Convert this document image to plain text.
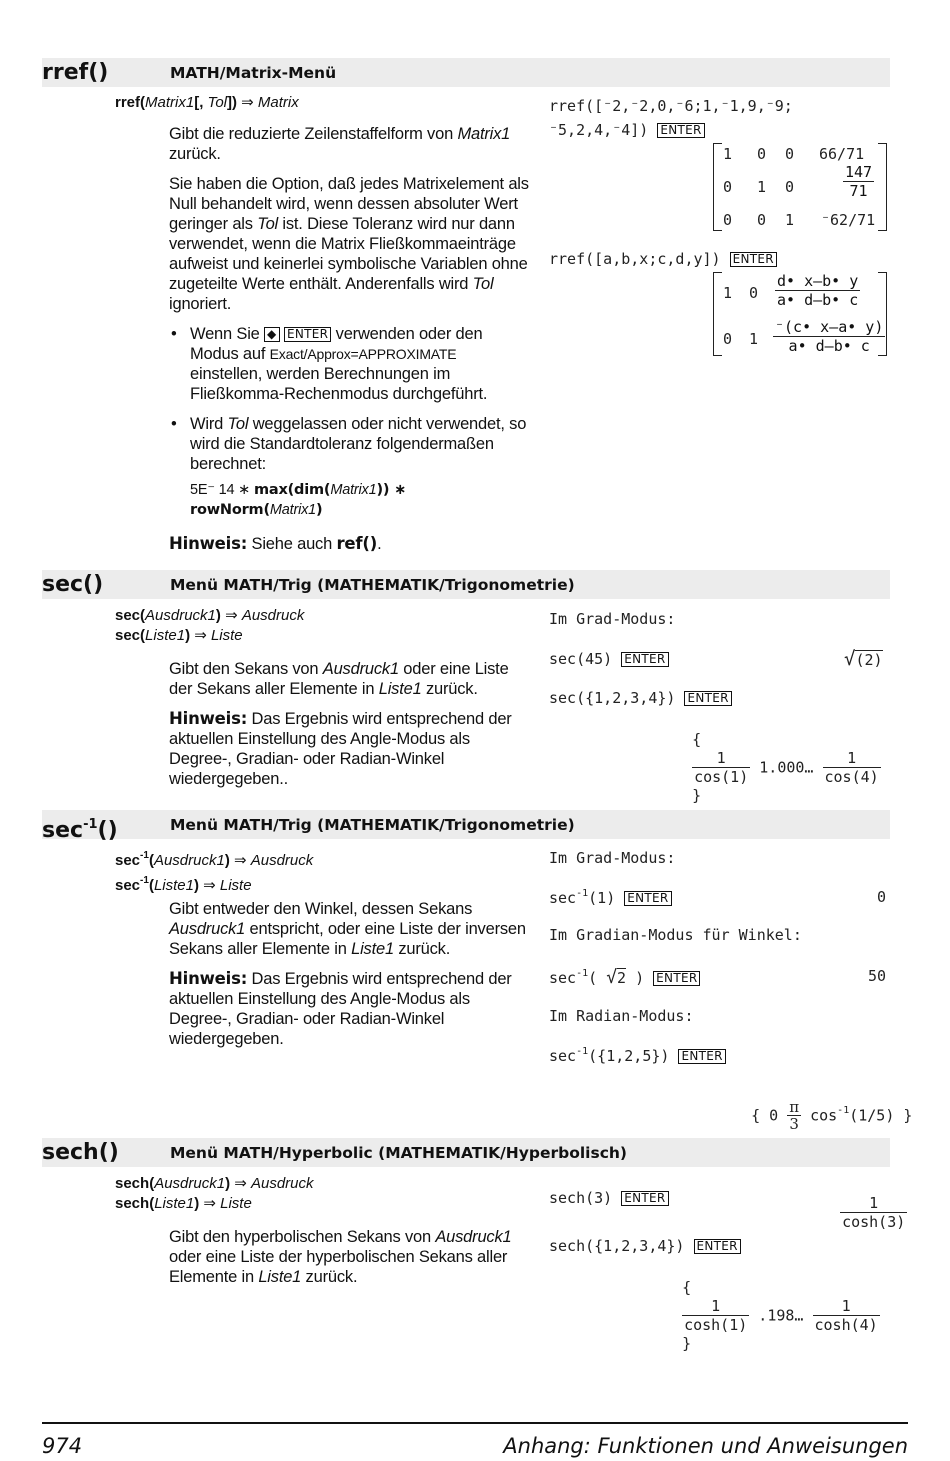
rref()	MATH/Matrix-Menü
rref(Matrix1[, Tol]) ⇒ Matrix

Gibt die reduzierte Zeilenstaffelform von Matrix1 zurück.

Sie haben die Option, daß jedes Matrixelement als Null behandelt wird, wenn dessen absoluter Wert geringer als Tol ist. Diese Toleranz wird nur dann verwendet, wenn die Matrix Fließkommaeinträge aufweist und keinerlei symbolische Variablen ohne zugeteilte Werte enthält. Anderenfalls wird Tol ignoriert.

• Wenn Sie ◆ ENTER verwenden oder den Modus auf Exact/Approx=APPROXIMATE einstellen, werden Berechnungen im Fließkomma-Rechenmodus durchgeführt.
• Wird Tol weggelassen oder nicht verwendet, so wird die Standardtoleranz folgendermaßen berechnet:
5E⁻ 14 ∗ max(dim(Matrix1)) ∗
rowNorm(Matrix1)

Hinweis: Siehe auch ref().

rref([⁻2,⁻2,0,⁻6;1,⁻1,9,⁻9;
⁻5,2,4,⁻4]) ENTER
1 0 0 66/71
0 1 0	$\frac{147}{71}$
0 0 1 ⁻62/71
rref([a,b,x;c,d,y]) ENTER
1 $0 \frac{d• x-b• y}{a• d-b• c}$
0 $1 \frac{^-(c• x-a• y)}{a• d-b• c}$
sec()	Menü MATH/Trig (MATHEMATIK/Trigonometrie)
sec(Ausdruck1) ⇒ Ausdruck
sec(Liste1) ⇒ Liste

Gibt den Sekans von Ausdruck1 oder eine Liste der Sekans aller Elemente in Liste1 zurück.

Hinweis: Das Ergebnis wird entsprechend der aktuellen Einstellung des Angle-Modus als Degree-, Gradian- oder Radian-Winkel wiedergegeben..

Im Grad-Modus:
sec(45) ENTER	√(2)
sec({1,2,3,4}) ENTER

{

$\frac{1}{\cos(1)}$ 1.000… $\frac{1}{\cos(4)}$

}

$\sec^{-1}()$	Menü MATH/Trig (MATHEMATIK/Trigonometrie)
$\sec^{-1}(Ausdruck1)$ ⇒ Ausdruck
$\sec^{-1}(Liste1)$ ⇒ Liste

Gibt entweder den Winkel, dessen Sekans Ausdruck1 entspricht, oder eine Liste der inversen Sekans aller Elemente in Liste1 zurück.

Hinweis: Das Ergebnis wird entsprechend der aktuellen Einstellung des Angle-Modus als Degree-, Gradian- oder Radian-Winkel wiedergegeben.

Im Grad-Modus:
$\sec^{-1}(1)$ ENTER	0
Im Gradian-Modus für Winkel:
$\sec^{-1}$( √2 ) ENTER	50
Im Radian-Modus:
$\sec^{-1}(\{1,2,5\})$ ENTER

{ $0 \frac{\pi}{3} \cos^{-1}(1/5)$ }

sech()	Menü MATH/Hyperbolic (MATHEMATIK/Hyperbolisch)
sech(Ausdruck1) ⇒ Ausdruck
sech(Liste1) ⇒ Liste

Gibt den hyperbolischen Sekans von Ausdruck1 oder eine Liste der hyperbolischen Sekans aller Elemente in Liste1 zurück.

sech(3) ENTER

	$\frac{1}{\cosh(3)}$

sech({1,2,3,4}) ENTER

{

$\frac{1}{\cosh(1)}$ .198… $\frac{1}{\cosh(4)}$

}

974	Anhang: Funktionen und Anweisungen
